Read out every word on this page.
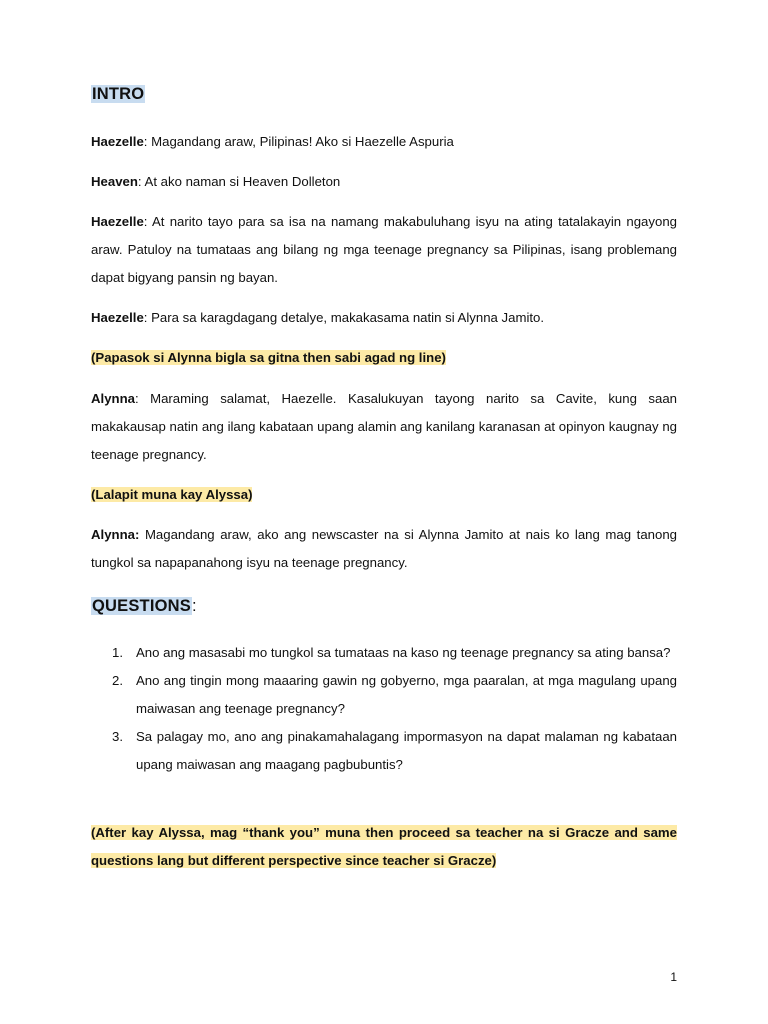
INTRO
Haezelle: Magandang araw, Pilipinas! Ako si Haezelle Aspuria
Heaven: At ako naman si Heaven Dolleton
Haezelle: At narito tayo para sa isa na namang makabuluhang isyu na ating tatalakayin ngayong araw. Patuloy na tumataas ang bilang ng mga teenage pregnancy sa Pilipinas, isang problemang dapat bigyang pansin ng bayan.
Haezelle: Para sa karagdagang detalye, makakasama natin si Alynna Jamito.
(Papasok si Alynna bigla sa gitna then sabi agad ng line)
Alynna: Maraming salamat, Haezelle. Kasalukuyan tayong narito sa Cavite, kung saan makakausap natin ang ilang kabataan upang alamin ang kanilang karanasan at opinyon kaugnay ng teenage pregnancy.
(Lalapit muna kay Alyssa)
Alynna: Magandang araw, ako ang newscaster na si Alynna Jamito at nais ko lang mag tanong tungkol sa napapanahong isyu na teenage pregnancy.
QUESTIONS:
1. Ano ang masasabi mo tungkol sa tumataas na kaso ng teenage pregnancy sa ating bansa?
2. Ano ang tingin mong maaaring gawin ng gobyerno, mga paaralan, at mga magulang upang maiwasan ang teenage pregnancy?
3. Sa palagay mo, ano ang pinakamahalagang impormasyon na dapat malaman ng kabataan upang maiwasan ang maagang pagbubuntis?
(After kay Alyssa, mag “thank you” muna then proceed sa teacher na si Gracze and same questions lang but different perspective since teacher si Gracze)
1
